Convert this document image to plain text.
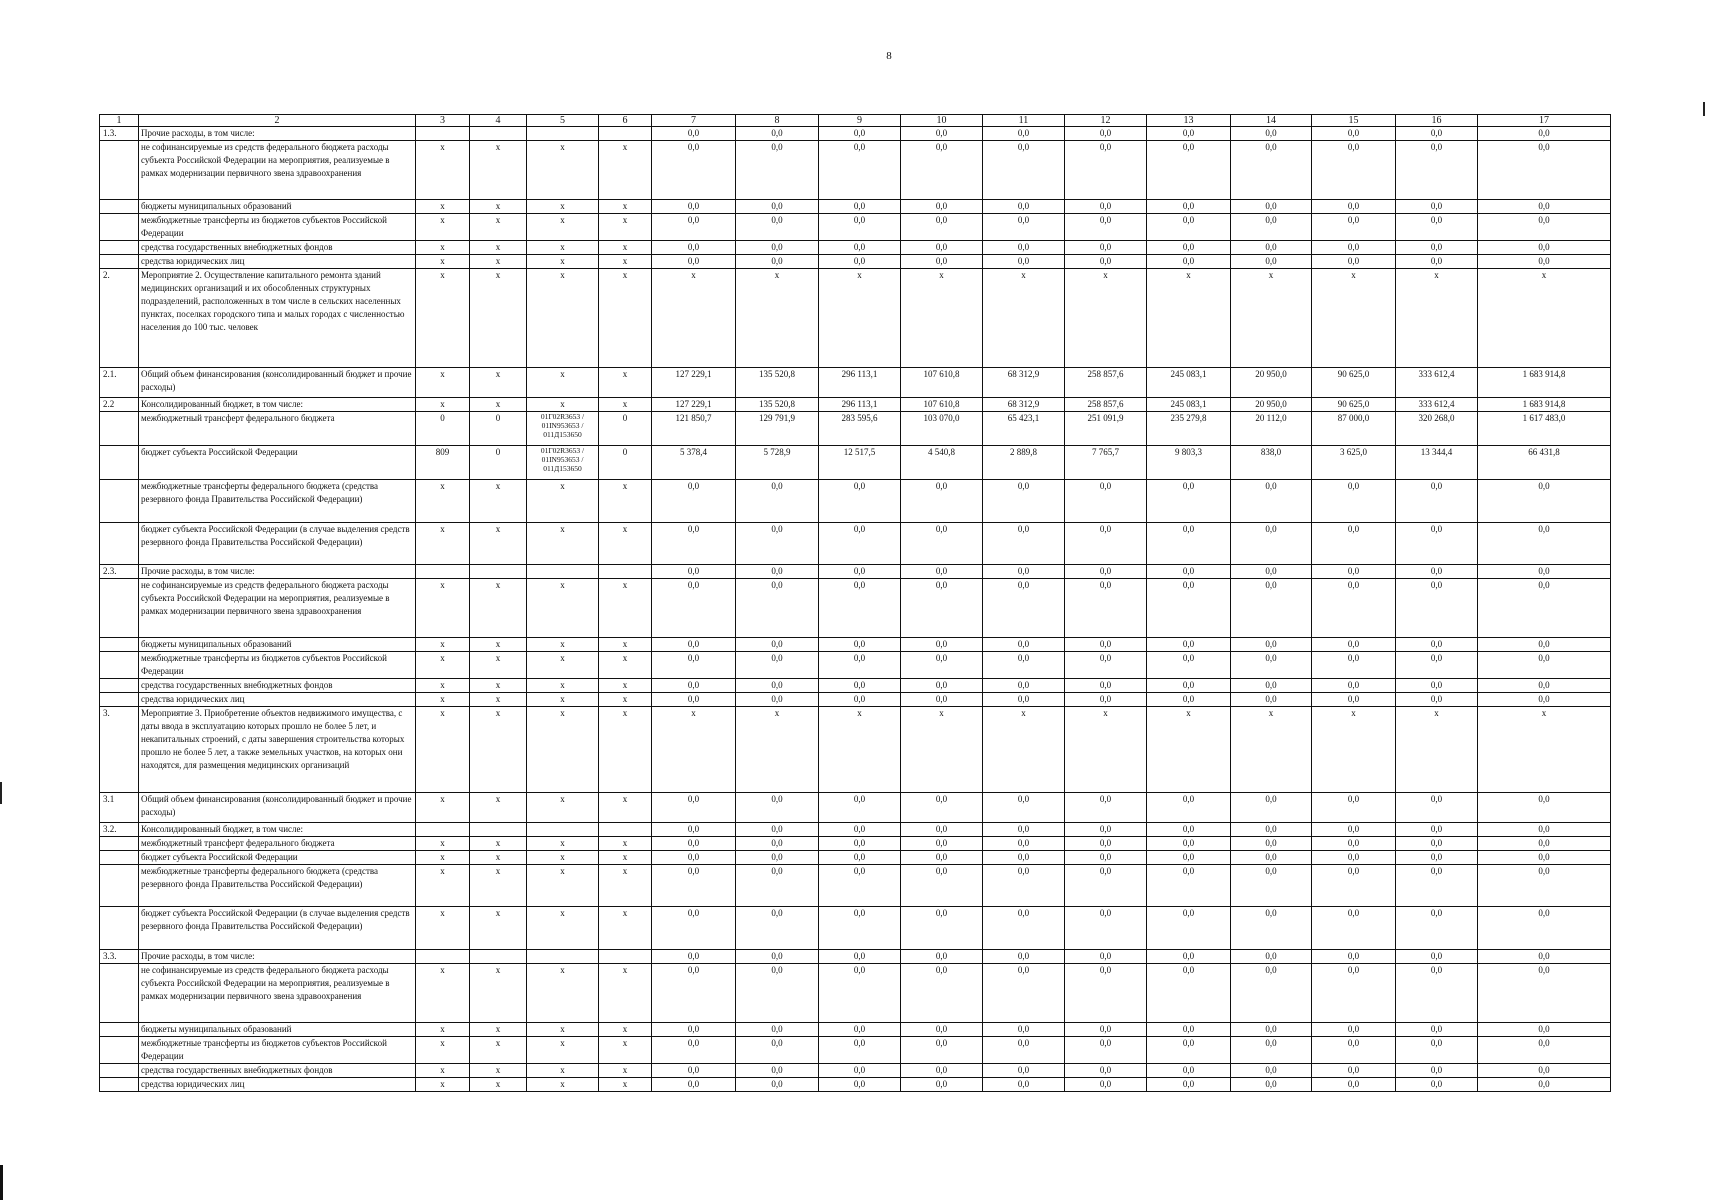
8
1	2	3	4	5	6	7	8	9	10	11	12	13	14	15	16	17
1.3.	Прочие расходы, в том числе:					0,0	0,0	0,0	0,0	0,0	0,0	0,0	0,0	0,0	0,0	0,0
	не софинансируемые из средств федерального бюджета расходы субъекта Российской Федерации на мероприятия, реализуемые в рамках модернизации первичного звена здравоохранения	x	x	x	x	0,0	0,0	0,0	0,0	0,0	0,0	0,0	0,0	0,0	0,0	0,0
	бюджеты муниципальных образований	x	x	x	x	0,0	0,0	0,0	0,0	0,0	0,0	0,0	0,0	0,0	0,0	0,0
	межбюджетные трансферты из бюджетов субъектов Российской Федерации	x	x	x	x	0,0	0,0	0,0	0,0	0,0	0,0	0,0	0,0	0,0	0,0	0,0
	средства государственных внебюджетных фондов	x	x	x	x	0,0	0,0	0,0	0,0	0,0	0,0	0,0	0,0	0,0	0,0	0,0
	средства юридических лиц	x	x	x	x	0,0	0,0	0,0	0,0	0,0	0,0	0,0	0,0	0,0	0,0	0,0
2.	Мероприятие 2. Осуществление капитального ремонта зданий медицинских организаций и их обособленных структурных подразделений, расположенных в том числе в сельских населенных пунктах, поселках городского типа и малых городах с численностью населения до 100 тыс. человек	x	x	x	x	x	x	x	x	x	x	x	x	x	x	x
2.1.	Общий объем финансирования (консолидированный бюджет и прочие расходы)	x	x	x	x	127 229,1	135 520,8	296 113,1	107 610,8	68 312,9	258 857,6	245 083,1	20 950,0	90 625,0	333 612,4	1 683 914,8
2.2	Консолидированный бюджет, в том числе:	x	x	x	x	127 229,1	135 520,8	296 113,1	107 610,8	68 312,9	258 857,6	245 083,1	20 950,0	90 625,0	333 612,4	1 683 914,8
	межбюджетный трансферт федерального бюджета	0	0	01Г02R3653 / 01IN953653 / 011Д153650	0	121 850,7	129 791,9	283 595,6	103 070,0	65 423,1	251 091,9	235 279,8	20 112,0	87 000,0	320 268,0	1 617 483,0
	бюджет субъекта Российской Федерации	809	0	01Г02R3653 / 01IN953653 / 011Д153650	0	5 378,4	5 728,9	12 517,5	4 540,8	2 889,8	7 765,7	9 803,3	838,0	3 625,0	13 344,4	66 431,8
	межбюджетные трансферты федерального бюджета (средства резервного фонда Правительства Российской Федерации)	x	x	x	x	0,0	0,0	0,0	0,0	0,0	0,0	0,0	0,0	0,0	0,0	0,0
	бюджет субъекта Российской Федерации (в случае выделения средств резервного фонда Правительства Российской Федерации)	x	x	x	x	0,0	0,0	0,0	0,0	0,0	0,0	0,0	0,0	0,0	0,0	0,0
2.3.	Прочие расходы, в том числе:					0,0	0,0	0,0	0,0	0,0	0,0	0,0	0,0	0,0	0,0	0,0
	не софинансируемые из средств федерального бюджета расходы субъекта Российской Федерации на мероприятия, реализуемые в рамках модернизации первичного звена здравоохранения	x	x	x	x	0,0	0,0	0,0	0,0	0,0	0,0	0,0	0,0	0,0	0,0	0,0
	бюджеты муниципальных образований	x	x	x	x	0,0	0,0	0,0	0,0	0,0	0,0	0,0	0,0	0,0	0,0	0,0
	межбюджетные трансферты из бюджетов субъектов Российской Федерации	x	x	x	x	0,0	0,0	0,0	0,0	0,0	0,0	0,0	0,0	0,0	0,0	0,0
	средства государственных внебюджетных фондов	x	x	x	x	0,0	0,0	0,0	0,0	0,0	0,0	0,0	0,0	0,0	0,0	0,0
	средства юридических лиц	x	x	x	x	0,0	0,0	0,0	0,0	0,0	0,0	0,0	0,0	0,0	0,0	0,0
3.	Мероприятие 3. Приобретение объектов недвижимого имущества, с даты ввода в эксплуатацию которых прошло не более 5 лет, и некапитальных строений, с даты завершения строительства которых прошло не более 5 лет, а также земельных участков, на которых они находятся, для размещения медицинских организаций	x	x	x	x	x	x	x	x	x	x	x	x	x	x	x
3.1	Общий объем финансирования (консолидированный бюджет и прочие расходы)	x	x	x	x	0,0	0,0	0,0	0,0	0,0	0,0	0,0	0,0	0,0	0,0	0,0
3.2.	Консолидированный бюджет, в том числе:					0,0	0,0	0,0	0,0	0,0	0,0	0,0	0,0	0,0	0,0	0,0
	межбюджетный трансферт федерального бюджета	x	x	x	x	0,0	0,0	0,0	0,0	0,0	0,0	0,0	0,0	0,0	0,0	0,0
	бюджет субъекта Российской Федерации	x	x	x	x	0,0	0,0	0,0	0,0	0,0	0,0	0,0	0,0	0,0	0,0	0,0
	межбюджетные трансферты федерального бюджета (средства резервного фонда Правительства Российской Федерации)	x	x	x	x	0,0	0,0	0,0	0,0	0,0	0,0	0,0	0,0	0,0	0,0	0,0
	бюджет субъекта Российской Федерации (в случае выделения средств резервного фонда Правительства Российской Федерации)	x	x	x	x	0,0	0,0	0,0	0,0	0,0	0,0	0,0	0,0	0,0	0,0	0,0
3.3.	Прочие расходы, в том числе:					0,0	0,0	0,0	0,0	0,0	0,0	0,0	0,0	0,0	0,0	0,0
	не софинансируемые из средств федерального бюджета расходы субъекта Российской Федерации на мероприятия, реализуемые в рамках модернизации первичного звена здравоохранения	x	x	x	x	0,0	0,0	0,0	0,0	0,0	0,0	0,0	0,0	0,0	0,0	0,0
	бюджеты муниципальных образований	x	x	x	x	0,0	0,0	0,0	0,0	0,0	0,0	0,0	0,0	0,0	0,0	0,0
	межбюджетные трансферты из бюджетов субъектов Российской Федерации	x	x	x	x	0,0	0,0	0,0	0,0	0,0	0,0	0,0	0,0	0,0	0,0	0,0
	средства государственных внебюджетных фондов	x	x	x	x	0,0	0,0	0,0	0,0	0,0	0,0	0,0	0,0	0,0	0,0	0,0
	средства юридических лиц	x	x	x	x	0,0	0,0	0,0	0,0	0,0	0,0	0,0	0,0	0,0	0,0	0,0
